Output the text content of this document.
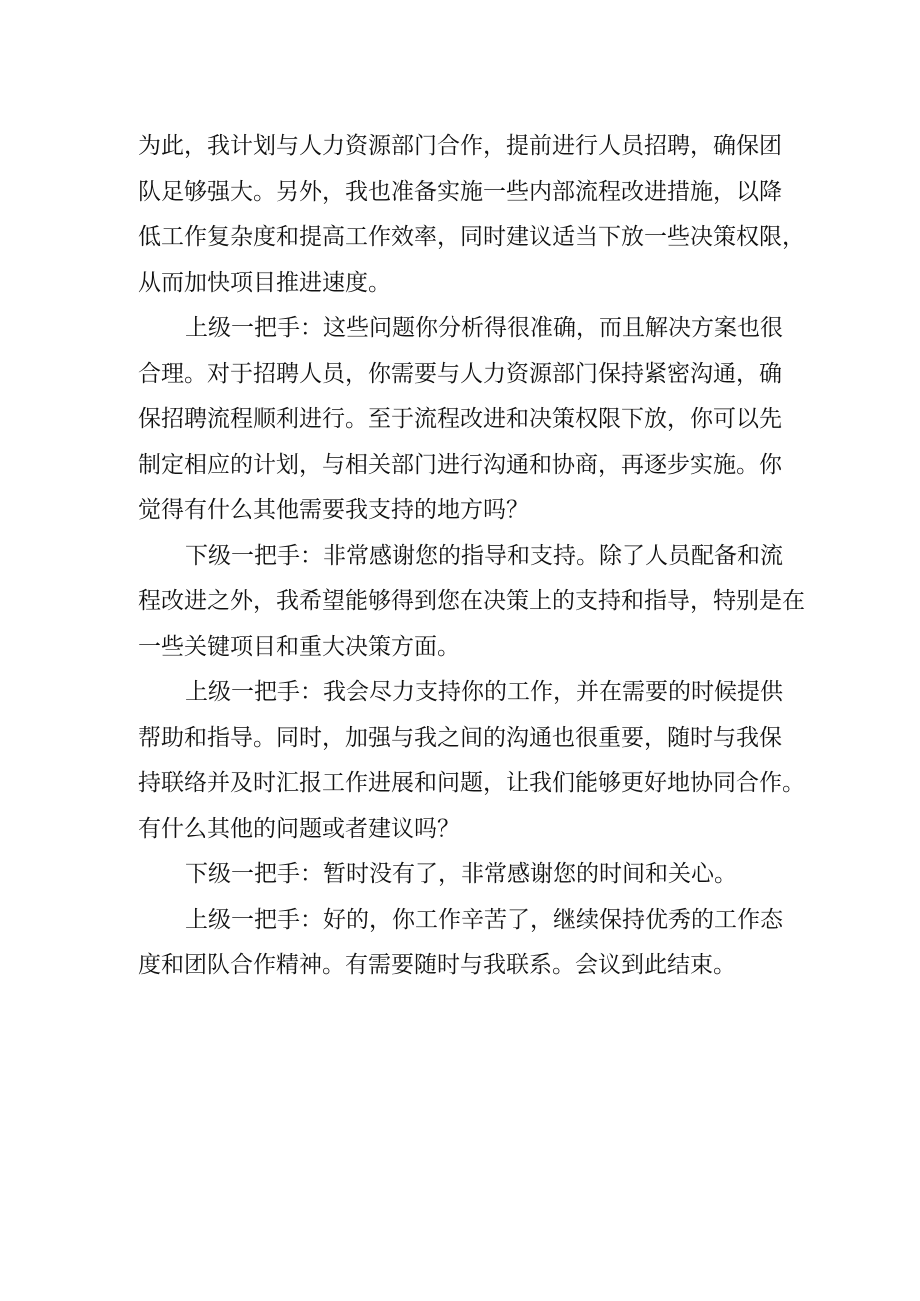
为此，我计划与人力资源部门合作，提前进行人员招聘，确保团
队足够强大。另外，我也准备实施一些内部流程改进措施，以降
低工作复杂度和提高工作效率，同时建议适当下放一些决策权限，
从而加快项目推进速度。
上级一把手：这些问题你分析得很准确，而且解决方案也很
合理。对于招聘人员，你需要与人力资源部门保持紧密沟通，确
保招聘流程顺利进行。至于流程改进和决策权限下放，你可以先
制定相应的计划，与相关部门进行沟通和协商，再逐步实施。你
觉得有什么其他需要我支持的地方吗？
下级一把手：非常感谢您的指导和支持。除了人员配备和流
程改进之外，我希望能够得到您在决策上的支持和指导，特别是在
一些关键项目和重大决策方面。
上级一把手：我会尽力支持你的工作，并在需要的时候提供
帮助和指导。同时，加强与我之间的沟通也很重要，随时与我保
持联络并及时汇报工作进展和问题，让我们能够更好地协同合作。
有什么其他的问题或者建议吗？
下级一把手：暂时没有了，非常感谢您的时间和关心。
上级一把手：好的，你工作辛苦了，继续保持优秀的工作态
度和团队合作精神。有需要随时与我联系。会议到此结束。
